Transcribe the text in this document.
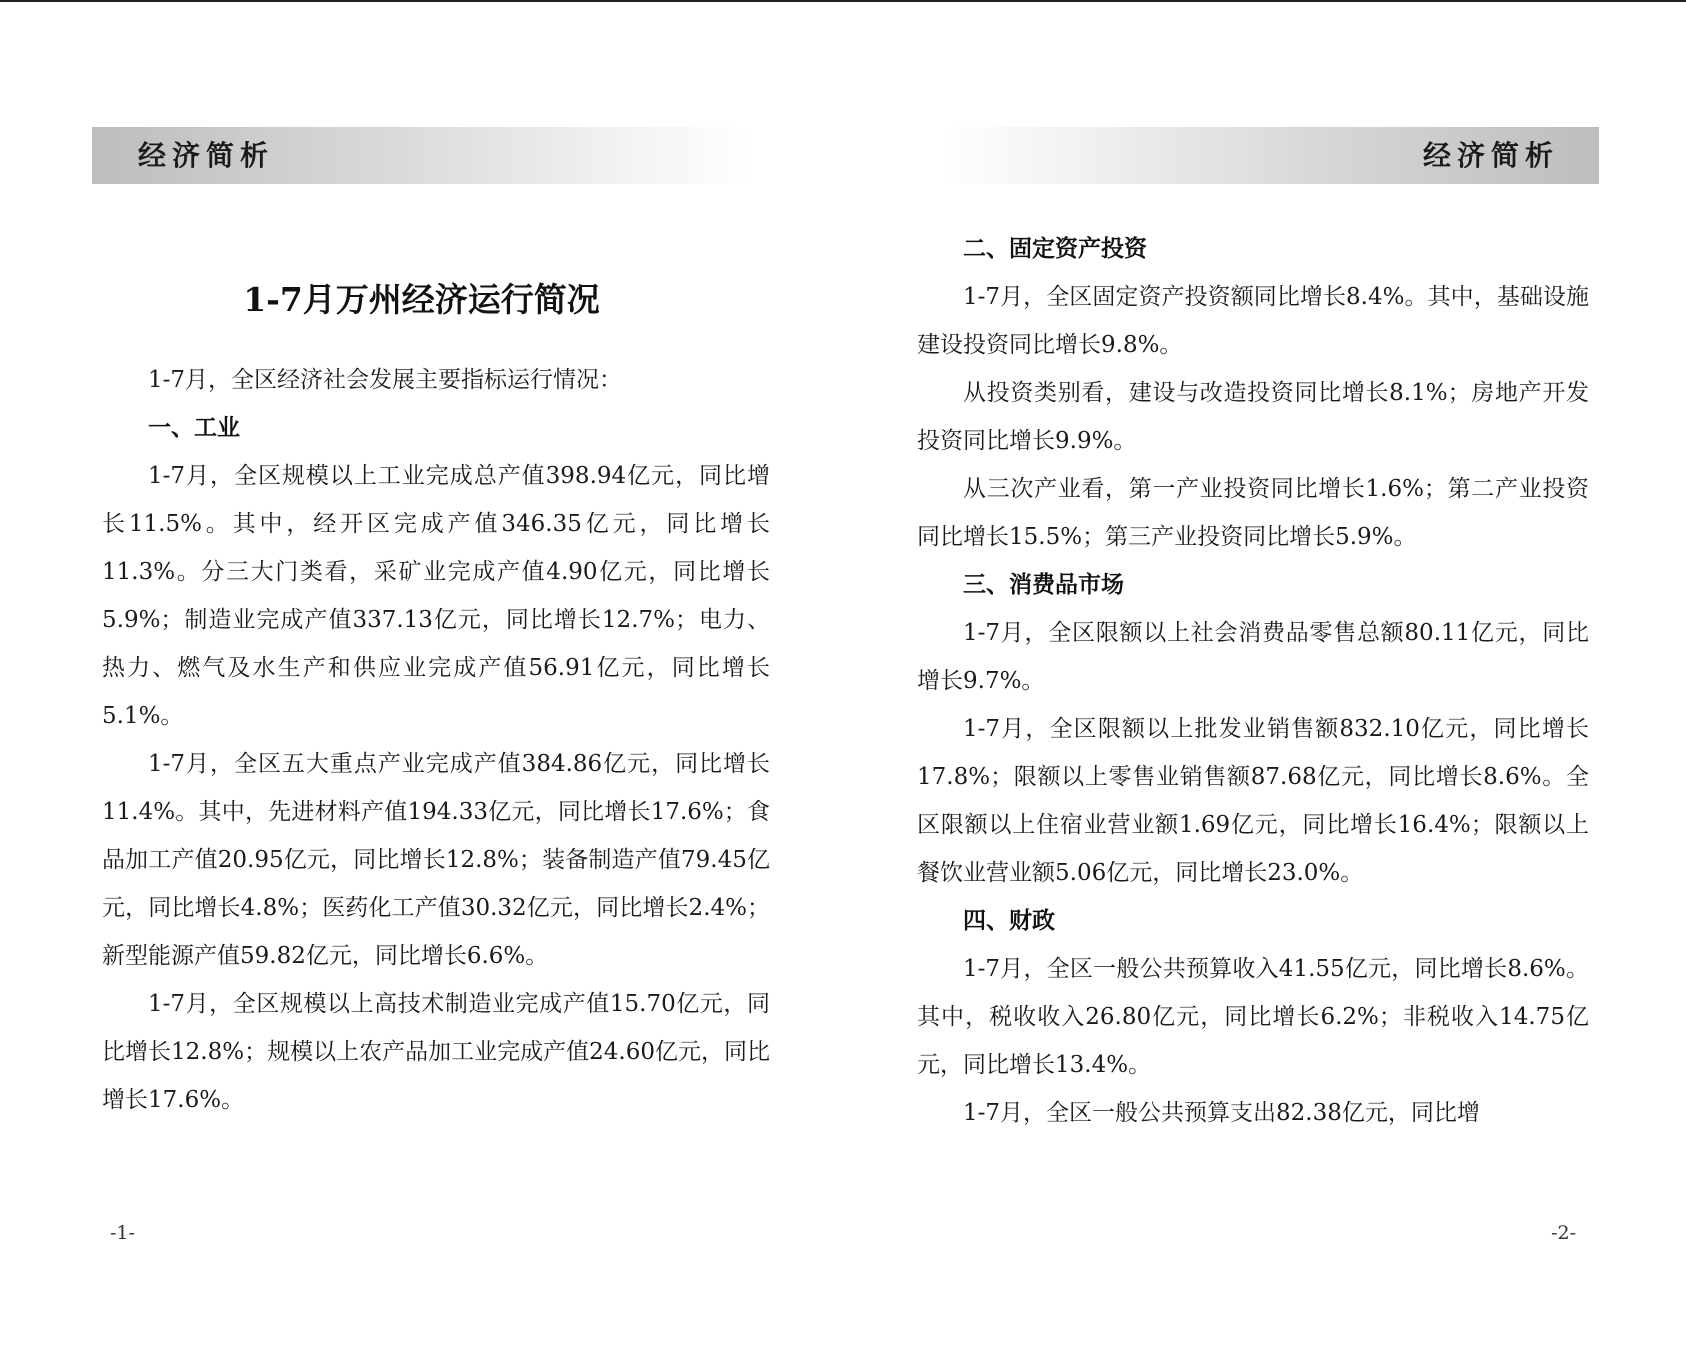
经济简析
1-7月万州经济运行简况

1-7月，全区经济社会发展主要指标运行情况：

一、工业

1-7月，全区规模以上工业完成总产值398.94亿元，同比增长11.5%。其中，经开区完成产值346.35亿元，同比增长11.3%。分三大门类看，采矿业完成产值4.90亿元，同比增长5.9%；制造业完成产值337.13亿元，同比增长12.7%；电力、热力、燃气及水生产和供应业完成产值56.91亿元，同比增长5.1%。

1-7月，全区五大重点产业完成产值384.86亿元，同比增长11.4%。其中，先进材料产值194.33亿元，同比增长17.6%；食品加工产值20.95亿元，同比增长12.8%；装备制造产值79.45亿元，同比增长4.8%；医药化工产值30.32亿元，同比增长2.4%；新型能源产值59.82亿元，同比增长6.6%。

1-7月，全区规模以上高技术制造业完成产值15.70亿元，同比增长12.8%；规模以上农产品加工业完成产值24.60亿元，同比增长17.6%。

-1-
经济简析

二、固定资产投资

1-7月，全区固定资产投资额同比增长8.4%。其中，基础设施建设投资同比增长9.8%。

从投资类别看，建设与改造投资同比增长8.1%；房地产开发投资同比增长9.9%。

从三次产业看，第一产业投资同比增长1.6%；第二产业投资同比增长15.5%；第三产业投资同比增长5.9%。

三、消费品市场

1-7月，全区限额以上社会消费品零售总额80.11亿元，同比增长9.7%。

1-7月，全区限额以上批发业销售额832.10亿元，同比增长17.8%；限额以上零售业销售额87.68亿元，同比增长8.6%。全区限额以上住宿业营业额1.69亿元，同比增长16.4%；限额以上餐饮业营业额5.06亿元，同比增长23.0%。

四、财政

1-7月，全区一般公共预算收入41.55亿元，同比增长8.6%。其中，税收收入26.80亿元，同比增长6.2%；非税收入14.75亿元，同比增长13.4%。

1-7月，全区一般公共预算支出82.38亿元，同比增

-2-
